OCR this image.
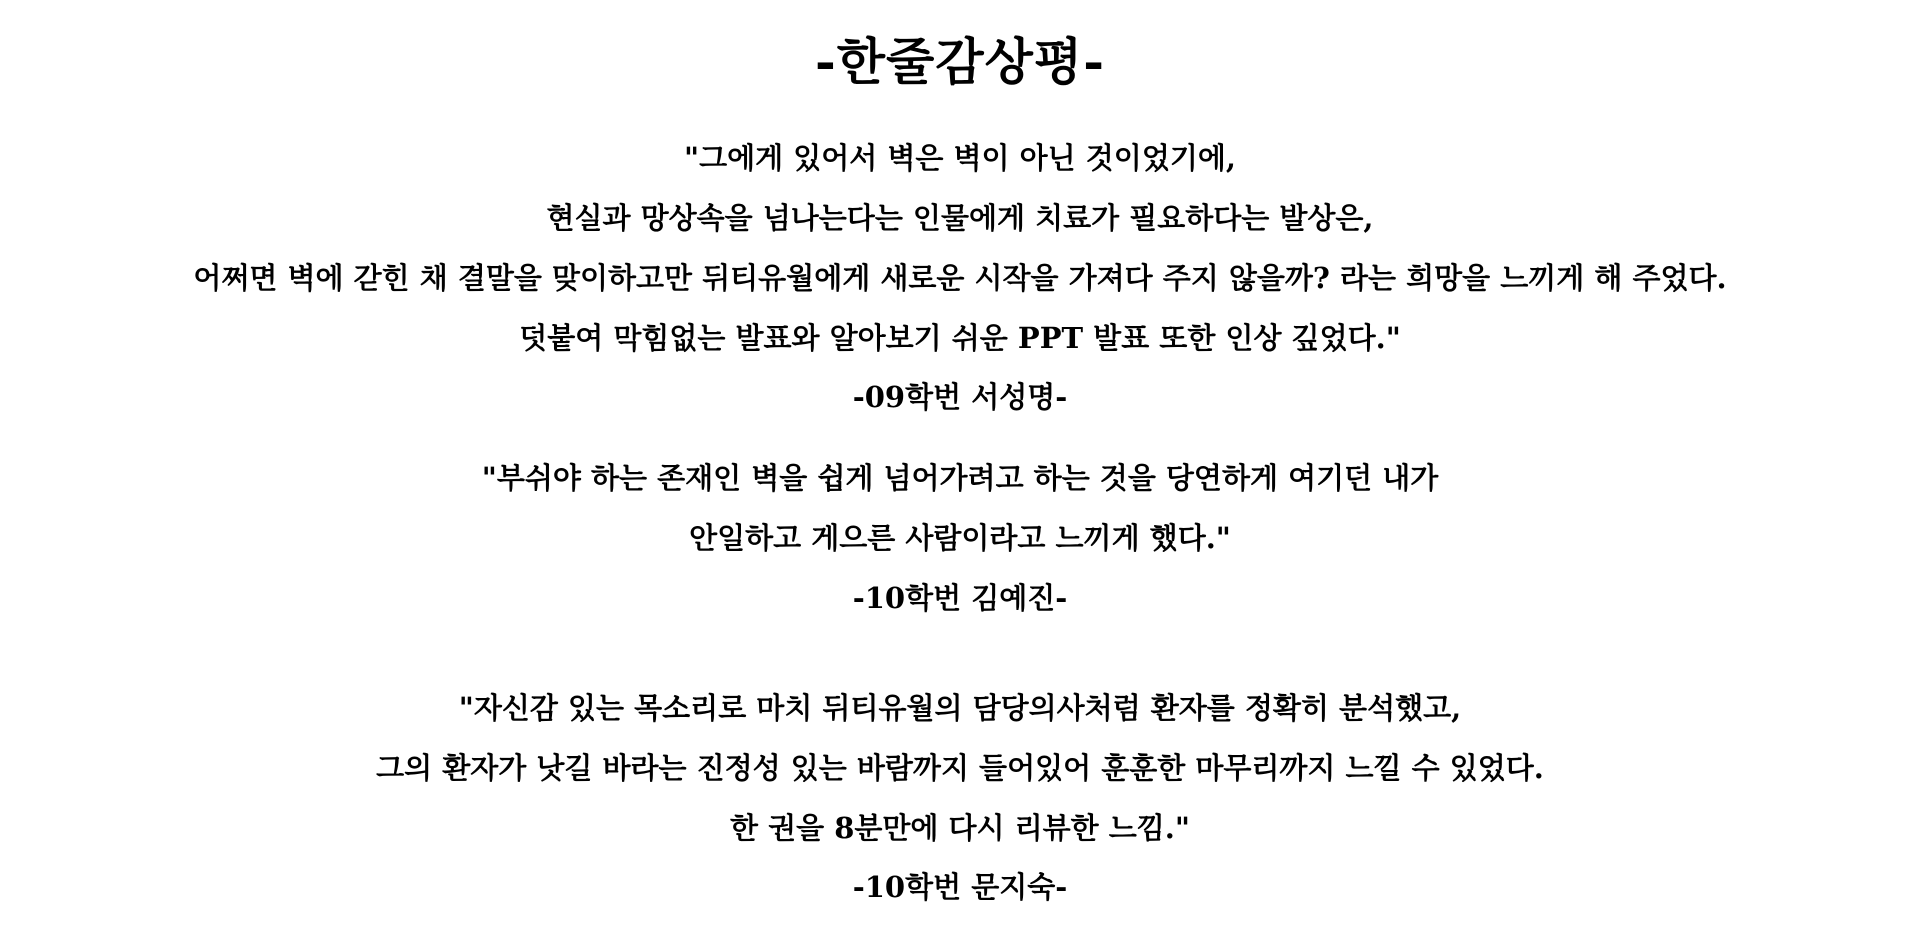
-한줄감상평-
"그에게 있어서 벽은 벽이 아닌 것이었기에,
현실과 망상속을 넘나는다는 인물에게 치료가 필요하다는 발상은,
어쩌면 벽에 갇힌 채 결말을 맞이하고만 뒤티유월에게 새로운 시작을 가져다 주지 않을까? 라는 희망을 느끼게 해 주었다.
덧붙여 막힘없는 발표와 알아보기 쉬운 PPT 발표 또한 인상 깊었다."
-09학번 서성명-
"부쉬야 하는 존재인 벽을 쉽게 넘어가려고 하는 것을 당연하게 여기던 내가
안일하고 게으른 사람이라고 느끼게 했다."
-10학번 김예진-
"자신감 있는 목소리로 마치 뒤티유월의 담당의사처럼 환자를 정확히 분석했고,
그의 환자가 낫길 바라는 진정성 있는 바람까지 들어있어 훈훈한 마무리까지 느낄 수 있었다.
한 권을 8분만에 다시 리뷰한 느낌."
-10학번 문지숙-
